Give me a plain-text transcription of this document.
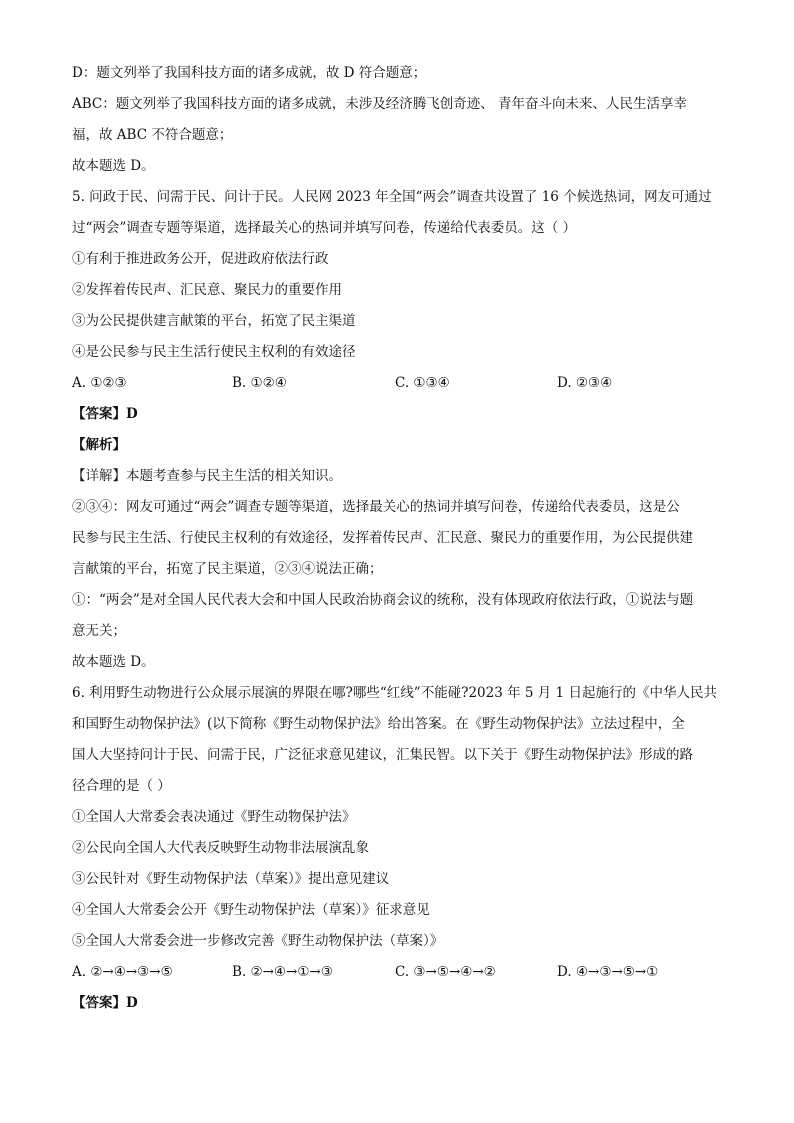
D：题文列举了我国科技方面的诸多成就，故 D 符合题意；

ABC：题文列举了我国科技方面的诸多成就，未涉及经济腾飞创奇迹、 青年奋斗向未来、人民生活享幸

福，故 ABC 不符合题意；

故本题选 D。

5. 问政于民、问需于民、问计于民。人民网 2023 年全国“两会”调查共设置了 16 个候选热词，网友可通过

过“两会”调查专题等渠道，选择最关心的热词并填写问卷，传递给代表委员。这（ ）

①有利于推进政务公开，促进政府依法行政

②发挥着传民声、汇民意、聚民力的重要作用

③为公民提供建言献策的平台，拓宽了民主渠道

④是公民参与民主生活行使民主权利的有效途径

A. ①②③	B. ①②④	C. ①③④	D. ②③④

【答案】D

【解析】

【详解】本题考查参与民主生活的相关知识。

②③④：网友可通过“两会”调查专题等渠道，选择最关心的热词并填写问卷，传递给代表委员，这是公

民参与民主生活、行使民主权利的有效途径，发挥着传民声、汇民意、聚民力的重要作用，为公民提供建

言献策的平台，拓宽了民主渠道，②③④说法正确；

①：“两会”是对全国人民代表大会和中国人民政治协商会议的统称，没有体现政府依法行政，①说法与题

意无关；

故本题选 D。

6. 利用野生动物进行公众展示展演的界限在哪?哪些“红线”不能碰?2023 年 5 月 1 日起施行的《中华人民共

和国野生动物保护法》(以下简称《野生动物保护法》给出答案。在《野生动物保护法》立法过程中，全

国人大坚持问计于民、问需于民，广泛征求意见建议，汇集民智。以下关于《野生动物保护法》形成的路

径合理的是（ ）

①全国人大常委会表决通过《野生动物保护法》

②公民向全国人大代表反映野生动物非法展演乱象

③公民针对《野生动物保护法（草案）》提出意见建议

④全国人大常委会公开《野生动物保护法（草案）》征求意见

⑤全国人大常委会进一步修改完善《野生动物保护法（草案）》

A. ②→④→③→⑤	B. ②→④→①→③	C. ③→⑤→④→②	D. ④→③→⑤→①

【答案】D
